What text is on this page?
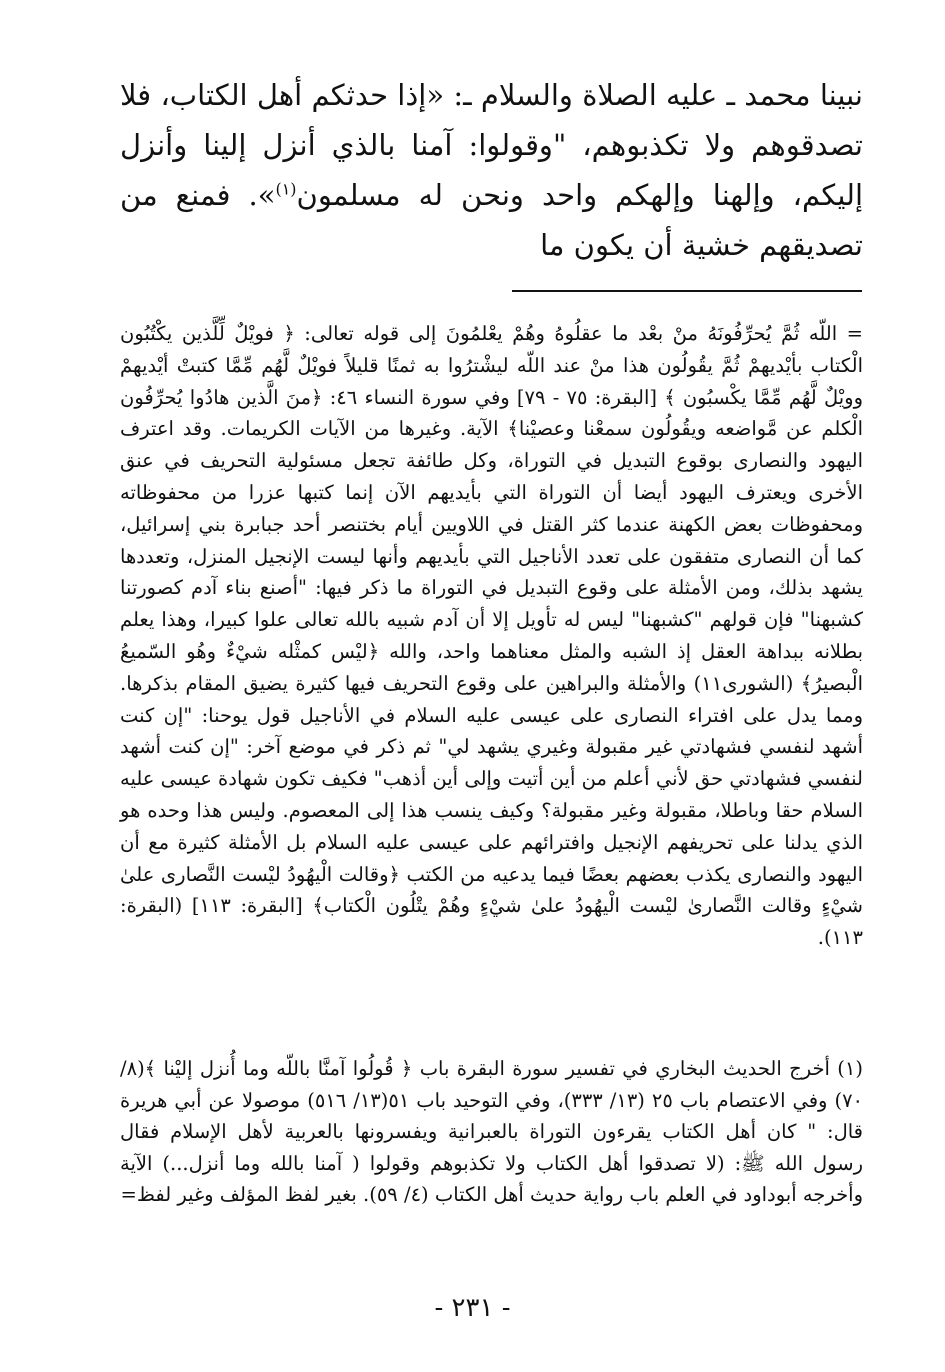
نبينا محمد ـ عليه الصلاة والسلام ـ: «إذا حدثكم أهل الكتاب، فلا تصدقوهم ولا تكذبوهم، "وقولوا: آمنا بالذي أنزل إلينا وأنزل إليكم، وإلهنا وإلهكم واحد ونحن له مسلمون$^{(١)}$». فمنع من تصديقهم خشية أن يكون ما

= اللّه ثُمَّ يُحرِّفُونَهُ منْ بعْد ما عقلُوهُ وهُمْ يعْلمُونَ إلى قوله تعالى: ﴿ فويْلٌ لِّلَّذين يكْتُبُون الْكتاب بأيْديهمْ ثُمَّ يقُولُون هذا منْ عند اللّه ليشْترُوا به ثمنًا قليلاً فويْلٌ لَّهُم مِّمَّا كتبتْ أيْديهمْ وويْلٌ لَّهُم مِّمَّا يكْسبُون ﴾ [البقرة: ٧٥ - ٧٩] وفي سورة النساء ٤٦: ﴿منَ الَّذين هادُوا يُحرِّفُون الْكلم عن مَّواضعه ويقُولُون سمعْنا وعصيْنا﴾ الآية. وغيرها من الآيات الكريمات. وقد اعترف اليهود والنصارى بوقوع التبديل في التوراة، وكل طائفة تجعل مسئولية التحريف في عنق الأخرى ويعترف اليهود أيضا أن التوراة التي بأيديهم الآن إنما كتبها عزرا من محفوظاته ومحفوظات بعض الكهنة عندما كثر القتل في اللاويين أيام بختنصر أحد جبابرة بني إسرائيل، كما أن النصارى متفقون على تعدد الأناجيل التي بأيديهم وأنها ليست الإنجيل المنزل، وتعددها يشهد بذلك، ومن الأمثلة على وقوع التبديل في التوراة ما ذكر فيها: "أصنع بناء آدم كصورتنا كشبهنا" فإن قولهم "كشبهنا" ليس له تأويل إلا أن آدم شبيه بالله تعالى علوا كبيرا، وهذا يعلم بطلانه ببداهة العقل إذ الشبه والمثل معناهما واحد، والله ﴿ليْس كمثْله شيْءٌ وهُو السّميعُ الْبصيرُ﴾ (الشورى١١) والأمثلة والبراهين على وقوع التحريف فيها كثيرة يضيق المقام بذكرها. ومما يدل على افتراء النصارى على عيسى عليه السلام في الأناجيل قول يوحنا: "إن كنت أشهد لنفسي فشهادتي غير مقبولة وغيري يشهد لي" ثم ذكر في موضع آخر: "إن كنت أشهد لنفسي فشهادتي حق لأني أعلم من أين أتيت وإلى أين أذهب" فكيف تكون شهادة عيسى عليه السلام حقا وباطلا، مقبولة وغير مقبولة؟ وكيف ينسب هذا إلى المعصوم. وليس هذا وحده هو الذي يدلنا على تحريفهم الإنجيل وافترائهم على عيسى عليه السلام بل الأمثلة كثيرة مع أن اليهود والنصارى يكذب بعضهم بعضًا فيما يدعيه من الكتب ﴿وقالت الْيهُودُ ليْست النَّصارى علىٰ شيْءٍ وقالت النَّصارىٰ ليْست الْيهُودُ علىٰ شيْءٍ وهُمْ يتْلُون الْكتاب﴾ [البقرة: ١١٣] (البقرة: ١١٣).

(١) أخرج الحديث البخاري في تفسير سورة البقرة باب ﴿ قُولُوا آمنَّا باللّه وما أُنزل إليْنا ﴾(٨/ ٧٠) وفي الاعتصام باب ٢٥ (١٣/ ٣٣٣)، وفي التوحيد باب ٥١(١٣/ ٥١٦) موصولا عن أبي هريرة قال: " كان أهل الكتاب يقرءون التوراة بالعبرانية ويفسرونها بالعربية لأهل الإسلام فقال رسول الله ﷺ: (لا تصدقوا أهل الكتاب ولا تكذبوهم وقولوا ( آمنا بالله وما أنزل...) الآية وأخرجه أبوداود في العلم باب رواية حديث أهل الكتاب (٤/ ٥٩). بغير لفظ المؤلف وغير لفظ=

- ٢٣١ -
